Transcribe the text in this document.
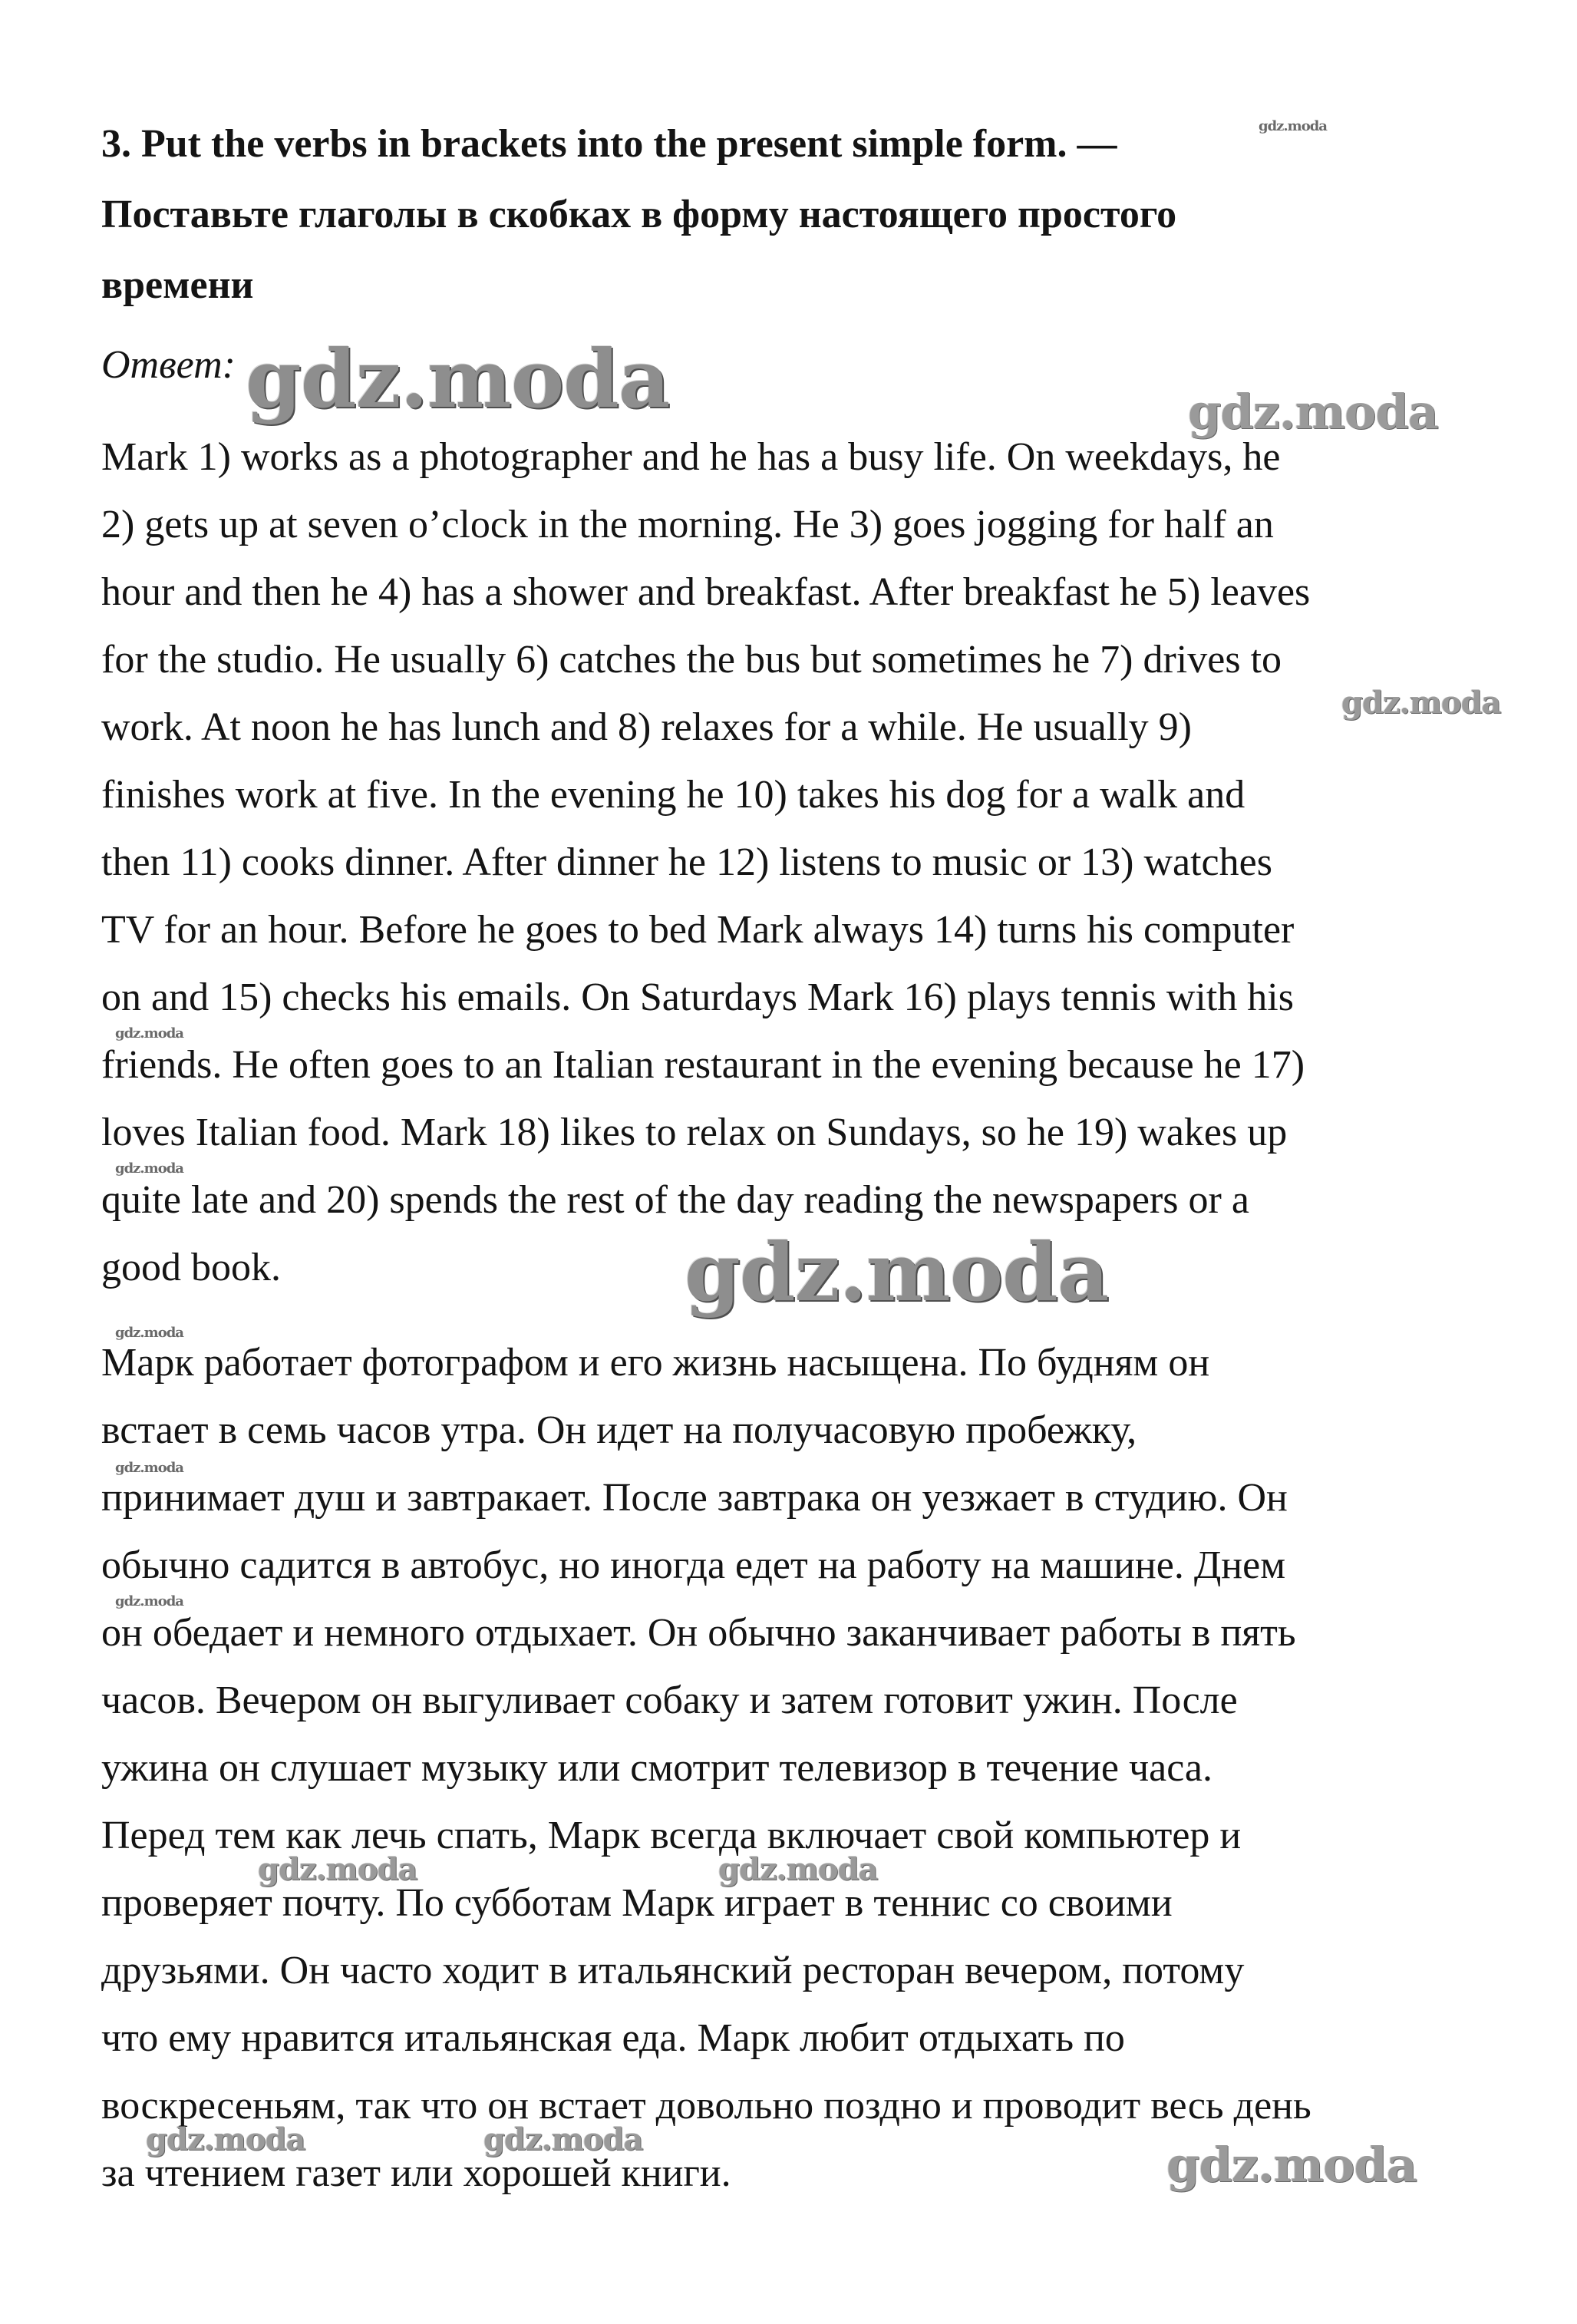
3. Put the verbs in brackets into the present simple form. —
Поставьте глаголы в скобках в форму настоящего простого
времени

Ответ:

Mark 1) works as a photographer and he has a busy life. On weekdays, he

2) gets up at seven o’clock in the morning. He 3) goes jogging for half an

hour and then he 4) has a shower and breakfast. After breakfast he 5) leaves

for the studio. He usually 6) catches the bus but sometimes he 7) drives to

work. At noon he has lunch and 8) relaxes for a while. He usually 9)

finishes work at five. In the evening he 10) takes his dog for a walk and

then 11) cooks dinner. After dinner he 12) listens to music or 13) watches

TV for an hour. Before he goes to bed Mark always 14) turns his computer

on and 15) checks his emails. On Saturdays Mark 16) plays tennis with his

friends. He often goes to an Italian restaurant in the evening because he 17)

loves Italian food. Mark 18) likes to relax on Sundays, so he 19) wakes up

quite late and 20) spends the rest of the day reading the newspapers or a

good book.

Марк работает фотографом и его жизнь насыщена. По будням он

встает в семь часов утра. Он идет на получасовую пробежку,

принимает душ и завтракает. После завтрака он уезжает в студию. Он

обычно садится в автобус, но иногда едет на работу на машине. Днем

он обедает и немного отдыхает. Он обычно заканчивает работы в пять

часов. Вечером он выгуливает собаку и затем готовит ужин. После

ужина он слушает музыку или смотрит телевизор в течение часа.

Перед тем как лечь спать, Марк всегда включает свой компьютер и

проверяет почту. По субботам Марк играет в теннис со своими

друзьями. Он часто ходит в итальянский ресторан вечером, потому

что ему нравится итальянская еда. Марк любит отдыхать по

воскресеньям, так что он встает довольно поздно и проводит весь день

за чтением газет или хорошей книги.

gdz.moda
gdz.moda	gdz.moda
gdz.moda
gdz.moda
gdz.moda
gdz.moda
gdz.moda
gdz.moda
gdz.moda
gdz.moda	gdz.moda
gdz.moda	gdz.moda	gdz.moda
